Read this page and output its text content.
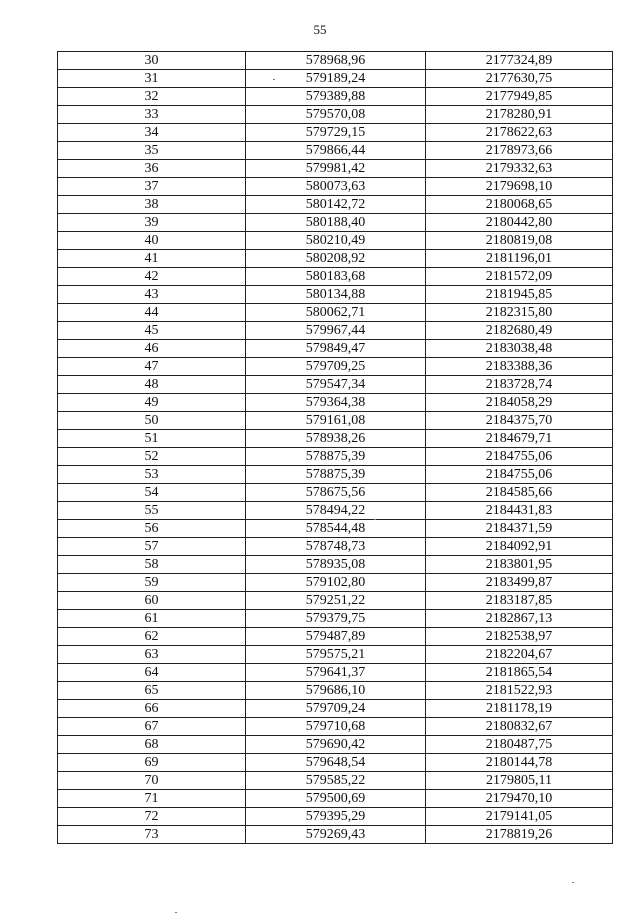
55
30	578968,96	2177324,89
31	579189,24	2177630,75
32	579389,88	2177949,85
33	579570,08	2178280,91
34	579729,15	2178622,63
35	579866,44	2178973,66
36	579981,42	2179332,63
37	580073,63	2179698,10
38	580142,72	2180068,65
39	580188,40	2180442,80
40	580210,49	2180819,08
41	580208,92	2181196,01
42	580183,68	2181572,09
43	580134,88	2181945,85
44	580062,71	2182315,80
45	579967,44	2182680,49
46	579849,47	2183038,48
47	579709,25	2183388,36
48	579547,34	2183728,74
49	579364,38	2184058,29
50	579161,08	2184375,70
51	578938,26	2184679,71
52	578875,39	2184755,06
53	578875,39	2184755,06
54	578675,56	2184585,66
55	578494,22	2184431,83
56	578544,48	2184371,59
57	578748,73	2184092,91
58	578935,08	2183801,95
59	579102,80	2183499,87
60	579251,22	2183187,85
61	579379,75	2182867,13
62	579487,89	2182538,97
63	579575,21	2182204,67
64	579641,37	2181865,54
65	579686,10	2181522,93
66	579709,24	2181178,19
67	579710,68	2180832,67
68	579690,42	2180487,75
69	579648,54	2180144,78
70	579585,22	2179805,11
71	579500,69	2179470,10
72	579395,29	2179141,05
73	579269,43	2178819,26
